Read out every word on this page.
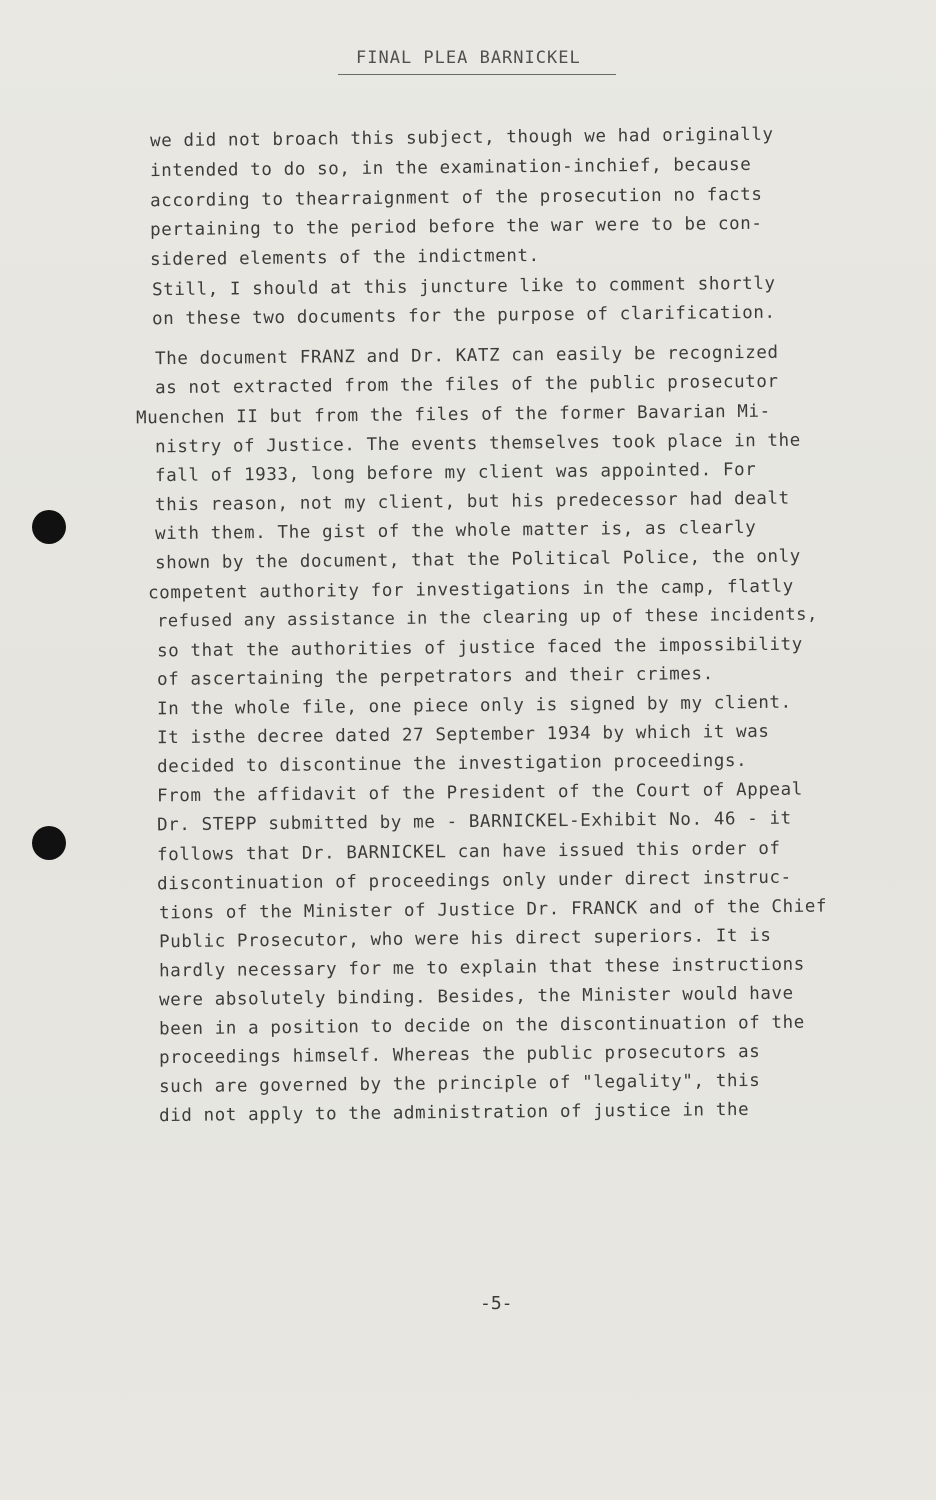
FINAL PLEA BARNICKEL
we did not broach this subject, though we had originally
intended to do so, in the examination-inchief, because
according to thearraignment of the prosecution no facts
pertaining to the period before the war were to be con-
sidered elements of the indictment.
Still, I should at this juncture like to comment shortly
on these two documents for the purpose of clarification.
The document FRANZ and Dr. KATZ can easily be recognized
as not extracted from the files of the public prosecutor
Muenchen II but from the files of the former Bavarian Mi-
nistry of Justice. The events themselves took place in the
fall of 1933, long before my client was appointed. For
this reason, not my client, but his predecessor had dealt
with them. The gist of the whole matter is, as clearly
shown by the document, that the Political Police, the only
competent authority for investigations in the camp, flatly
refused any assistance in the clearing up of these incidents,
so that the authorities of justice faced the impossibility
of ascertaining the perpetrators and their crimes.
In the whole file, one piece only is signed by my client.
It isthe decree dated 27 September 1934 by which it was
decided to discontinue the investigation proceedings.
From the affidavit of the President of the Court of Appeal
Dr. STEPP submitted by me - BARNICKEL-Exhibit No. 46 - it
follows that Dr. BARNICKEL can have issued this order of
discontinuation of proceedings only under direct instruc-
tions of the Minister of Justice Dr. FRANCK and of the Chief
Public Prosecutor, who were his direct superiors. It is
hardly necessary for me to explain that these instructions
were absolutely binding. Besides, the Minister would have
been in a position to decide on the discontinuation of the
proceedings himself. Whereas the public prosecutors as
such are governed by the principle of "legality", this
did not apply to the administration of justice in the
-5-
